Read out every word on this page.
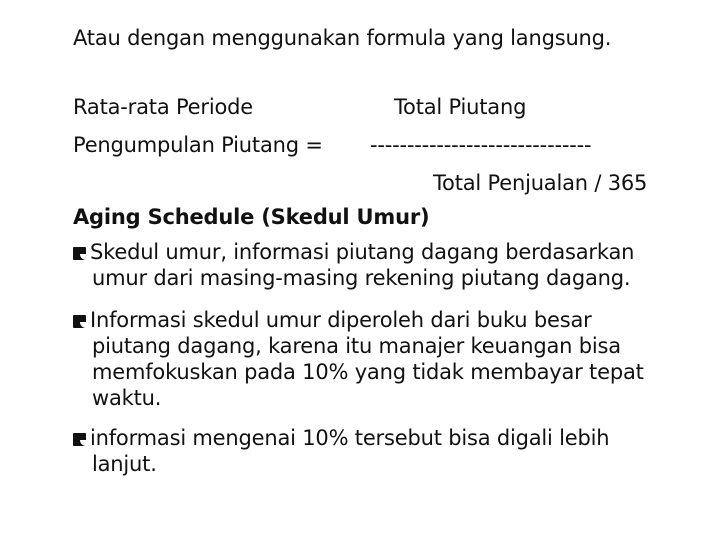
Atau dengan menggunakan formula yang langsung.
Rata-rata Periode	Total Piutang
Pengumpulan Piutang = ------------------------------
Total Penjualan / 365
Aging Schedule (Skedul Umur)
Skedul umur, informasi piutang dagang berdasarkan
umur dari masing-masing rekening piutang dagang.
Informasi skedul umur diperoleh dari buku besar
piutang dagang, karena itu manajer keuangan bisa
memfokuskan pada 10% yang tidak membayar tepat
waktu.
informasi mengenai 10% tersebut bisa digali lebih
lanjut.
